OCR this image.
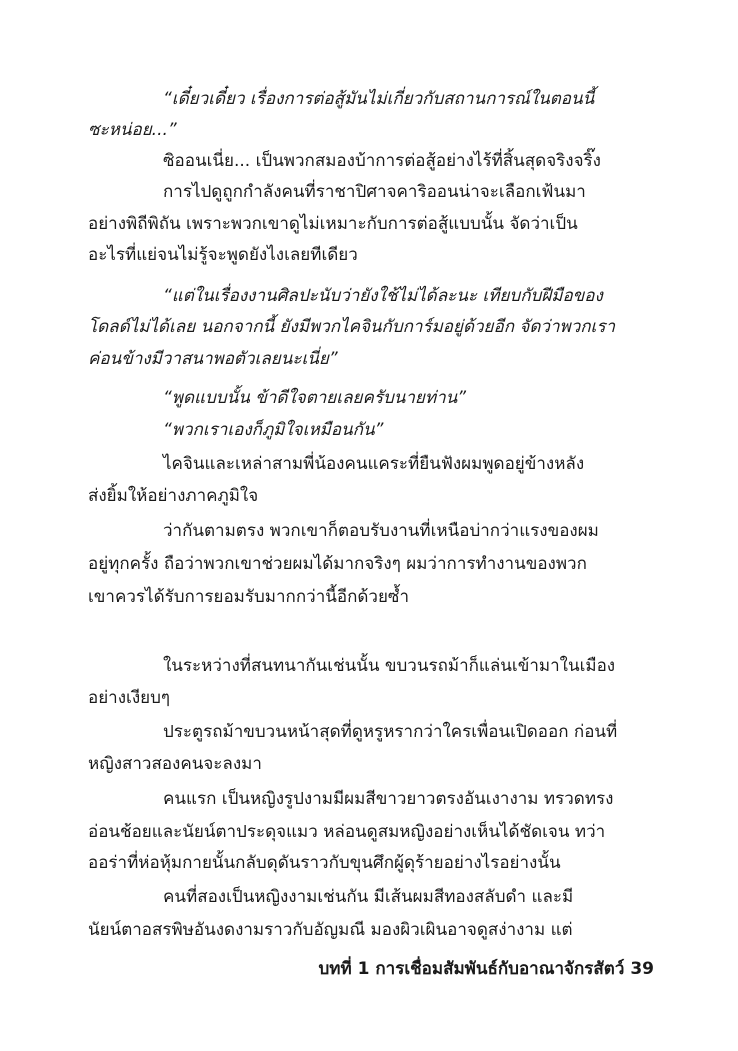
“เดี๋ยวเดี๋ยว เรื่องการต่อสู้มันไม่เกี่ยวกับสถานการณ์ในตอนนี้
ซะหน่อย...”
ซิออนเนี่ย... เป็นพวกสมองบ้าการต่อสู้อย่างไร้ที่สิ้นสุดจริงจริ๊ง
การไปดูถูกกำลังคนที่ราชาปิศาจคาริออนน่าจะเลือกเฟ้นมา
อย่างพิถีพิถัน เพราะพวกเขาดูไม่เหมาะกับการต่อสู้แบบนั้น จัดว่าเป็น
อะไรที่แย่จนไม่รู้จะพูดยังไงเลยทีเดียว
“แต่ในเรื่องงานศิลปะนับว่ายังใช้ไม่ได้ละนะ เทียบกับฝีมือของ
โดลด์ไม่ได้เลย นอกจากนี้ ยังมีพวกไคจินกับการ์มอยู่ด้วยอีก จัดว่าพวกเรา
ค่อนข้างมีวาสนาพอตัวเลยนะเนี่ย”
“พูดแบบนั้น ข้าดีใจตายเลยครับนายท่าน”
“พวกเราเองก็ภูมิใจเหมือนกัน”
ไคจินและเหล่าสามพี่น้องคนแคระที่ยืนฟังผมพูดอยู่ข้างหลัง
ส่งยิ้มให้อย่างภาคภูมิใจ
ว่ากันตามตรง พวกเขาก็ตอบรับงานที่เหนือบ่ากว่าแรงของผม
อยู่ทุกครั้ง ถือว่าพวกเขาช่วยผมได้มากจริงๆ ผมว่าการทำงานของพวก
เขาควรได้รับการยอมรับมากกว่านี้อีกด้วยซ้ำ
ในระหว่างที่สนทนากันเช่นนั้น ขบวนรถม้าก็แล่นเข้ามาในเมือง
อย่างเงียบๆ
ประตูรถม้าขบวนหน้าสุดที่ดูหรูหรากว่าใครเพื่อนเปิดออก ก่อนที่
หญิงสาวสองคนจะลงมา
คนแรก เป็นหญิงรูปงามมีผมสีขาวยาวตรงอันเงางาม ทรวดทรง
อ่อนช้อยและนัยน์ตาประดุจแมว หล่อนดูสมหญิงอย่างเห็นได้ชัดเจน ทว่า
ออร่าที่ห่อหุ้มกายนั้นกลับดุดันราวกับขุนศึกผู้ดุร้ายอย่างไรอย่างนั้น
คนที่สองเป็นหญิงงามเช่นกัน มีเส้นผมสีทองสลับดำ และมี
นัยน์ตาอสรพิษอันงดงามราวกับอัญมณี มองผิวเผินอาจดูสง่างาม แต่
บทที่ 1 การเชื่อมสัมพันธ์กับอาณาจักรสัตว์ 39
